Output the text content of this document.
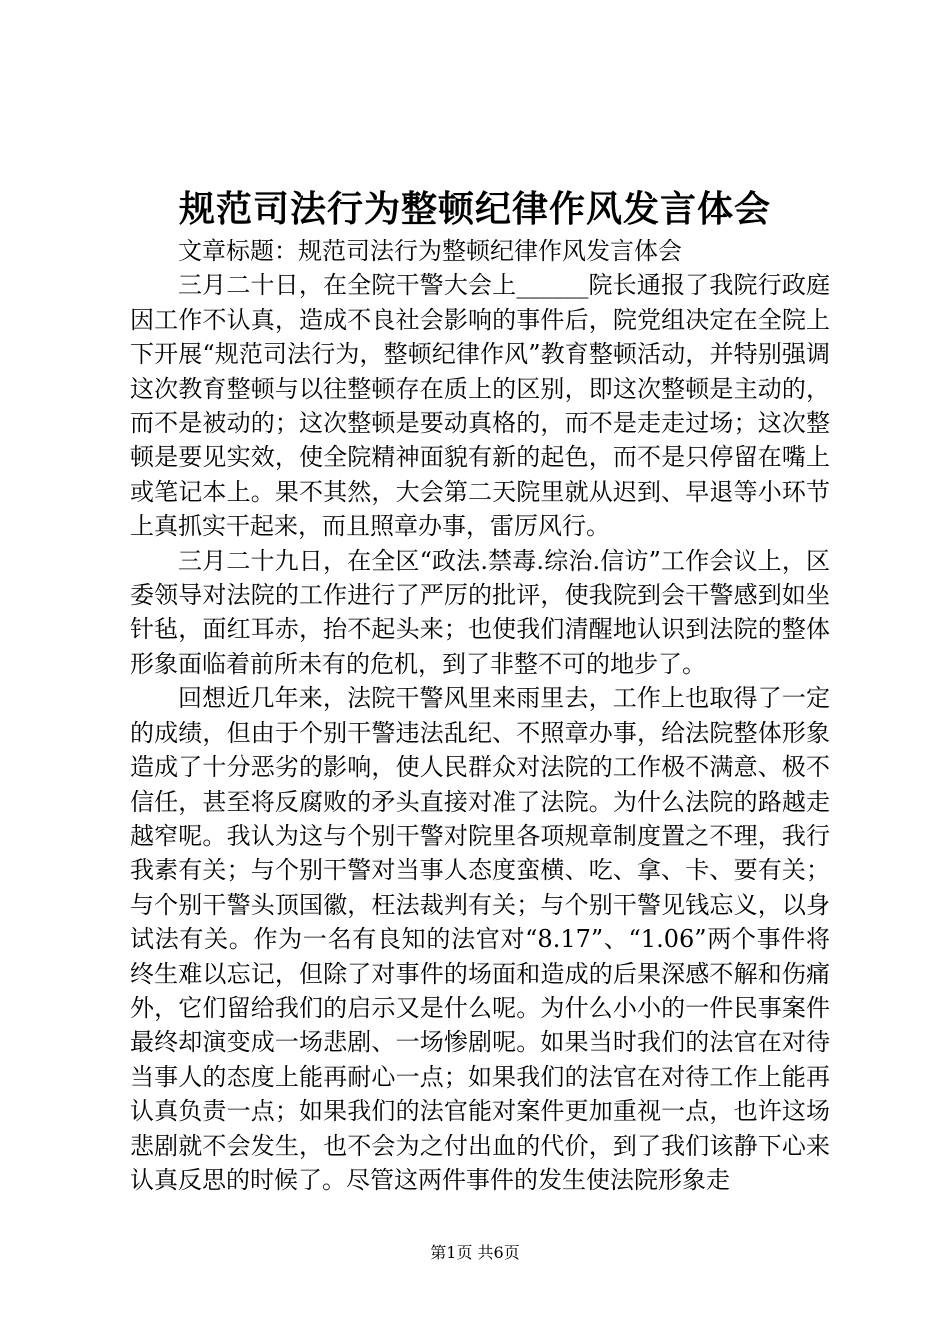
规范司法行为整顿纪律作风发言体会

文章标题：规范司法行为整顿纪律作风发言体会

三月二十日，在全院干警大会上______院长通报了我院行政庭因工作不认真，造成不良社会影响的事件后，院党组决定在全院上下开展“规范司法行为，整顿纪律作风”教育整顿活动，并特别强调这次教育整顿与以往整顿存在质上的区别，即这次整顿是主动的，而不是被动的；这次整顿是要动真格的，而不是走走过场；这次整顿是要见实效，使全院精神面貌有新的起色，而不是只停留在嘴上或笔记本上。果不其然，大会第二天院里就从迟到、早退等小环节上真抓实干起来，而且照章办事，雷厉风行。

三月二十九日，在全区“政法.禁毒.综治.信访”工作会议上，区委领导对法院的工作进行了严厉的批评，使我院到会干警感到如坐针毡，面红耳赤，抬不起头来；也使我们清醒地认识到法院的整体形象面临着前所未有的危机，到了非整不可的地步了。

回想近几年来，法院干警风里来雨里去，工作上也取得了一定的成绩，但由于个别干警违法乱纪、不照章办事，给法院整体形象造成了十分恶劣的影响，使人民群众对法院的工作极不满意、极不信任，甚至将反腐败的矛头直接对准了法院。为什么法院的路越走越窄呢。我认为这与个别干警对院里各项规章制度置之不理，我行我素有关；与个别干警对当事人态度蛮横、吃、拿、卡、要有关；与个别干警头顶国徽，枉法裁判有关；与个别干警见钱忘义，以身试法有关。作为一名有良知的法官对“8.17”、“1.06”两个事件将终生难以忘记，但除了对事件的场面和造成的后果深感不解和伤痛外，它们留给我们的启示又是什么呢。为什么小小的一件民事案件最终却演变成一场悲剧、一场惨剧呢。如果当时我们的法官在对待当事人的态度上能再耐心一点；如果我们的法官在对待工作上能再认真负责一点；如果我们的法官能对案件更加重视一点，也许这场悲剧就不会发生，也不会为之付出血的代价，到了我们该静下心来认真反思的时候了。尽管这两件事件的发生使法院形象走

第1页 共6页
